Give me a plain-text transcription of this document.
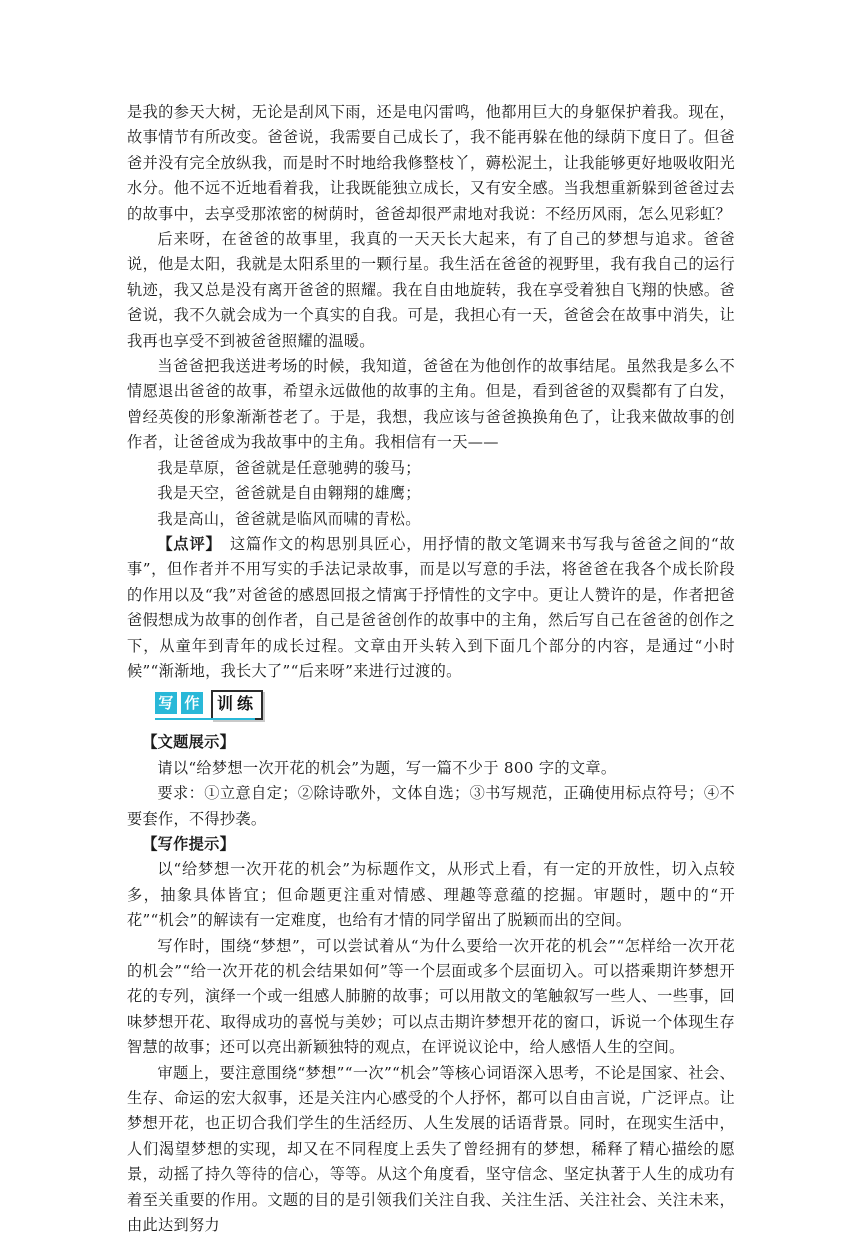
是我的参天大树，无论是刮风下雨，还是电闪雷鸣，他都用巨大的身躯保护着我。现在，故事情节有所改变。爸爸说，我需要自己成长了，我不能再躲在他的绿荫下度日了。但爸爸并没有完全放纵我，而是时不时地给我修整枝丫，薅松泥土，让我能够更好地吸收阳光水分。他不远不近地看着我，让我既能独立成长，又有安全感。当我想重新躲到爸爸过去的故事中，去享受那浓密的树荫时，爸爸却很严肃地对我说：不经历风雨，怎么见彩虹？

后来呀，在爸爸的故事里，我真的一天天长大起来，有了自己的梦想与追求。爸爸说，他是太阳，我就是太阳系里的一颗行星。我生活在爸爸的视野里，我有我自己的运行轨迹，我又总是没有离开爸爸的照耀。我在自由地旋转，我在享受着独自飞翔的快感。爸爸说，我不久就会成为一个真实的自我。可是，我担心有一天，爸爸会在故事中消失，让我再也享受不到被爸爸照耀的温暖。

当爸爸把我送进考场的时候，我知道，爸爸在为他创作的故事结尾。虽然我是多么不情愿退出爸爸的故事，希望永远做他的故事的主角。但是，看到爸爸的双鬓都有了白发，曾经英俊的形象渐渐苍老了。于是，我想，我应该与爸爸换换角色了，让我来做故事的创作者，让爸爸成为我故事中的主角。我相信有一天——

我是草原，爸爸就是任意驰骋的骏马；

我是天空，爸爸就是自由翱翔的雄鹰；

我是高山，爸爸就是临风而啸的青松。

【点评】　这篇作文的构思别具匠心，用抒情的散文笔调来书写我与爸爸之间的“故事”，但作者并不用写实的手法记录故事，而是以写意的手法，将爸爸在我各个成长阶段的作用以及“我”对爸爸的感恩回报之情寓于抒情性的文字中。更让人赞许的是，作者把爸爸假想成为故事的创作者，自己是爸爸创作的故事中的主角，然后写自己在爸爸的创作之下，从童年到青年的成长过程。文章由开头转入到下面几个部分的内容，是通过“小时候”“渐渐地，我长大了”“后来呀”来进行过渡的。

写 作	训练

【文题展示】

请以“给梦想一次开花的机会”为题，写一篇不少于 800 字的文章。

要求：①立意自定；②除诗歌外，文体自选；③书写规范，正确使用标点符号；④不要套作，不得抄袭。

【写作提示】

以“给梦想一次开花的机会”为标题作文，从形式上看，有一定的开放性，切入点较多，抽象具体皆宜；但命题更注重对情感、理趣等意蕴的挖掘。审题时，题中的“开花”“机会”的解读有一定难度，也给有才情的同学留出了脱颖而出的空间。

写作时，围绕“梦想”，可以尝试着从“为什么要给一次开花的机会”“怎样给一次开花的机会”“给一次开花的机会结果如何”等一个层面或多个层面切入。可以搭乘期许梦想开花的专列，演绎一个或一组感人肺腑的故事；可以用散文的笔触叙写一些人、一些事，回味梦想开花、取得成功的喜悦与美妙；可以点击期许梦想开花的窗口，诉说一个体现生存智慧的故事；还可以亮出新颖独特的观点，在评说议论中，给人感悟人生的空间。

审题上，要注意围绕“梦想”“一次”“机会”等核心词语深入思考，不论是国家、社会、生存、命运的宏大叙事，还是关注内心感受的个人抒怀，都可以自由言说，广泛评点。让梦想开花，也正切合我们学生的生活经历、人生发展的话语背景。同时，在现实生活中，人们渴望梦想的实现，却又在不同程度上丢失了曾经拥有的梦想，稀释了精心描绘的愿景，动摇了持久等待的信心，等等。从这个角度看，坚守信念、坚定执著于人生的成功有着至关重要的作用。文题的目的是引领我们关注自我、关注生活、关注社会、关注未来，由此达到努力
